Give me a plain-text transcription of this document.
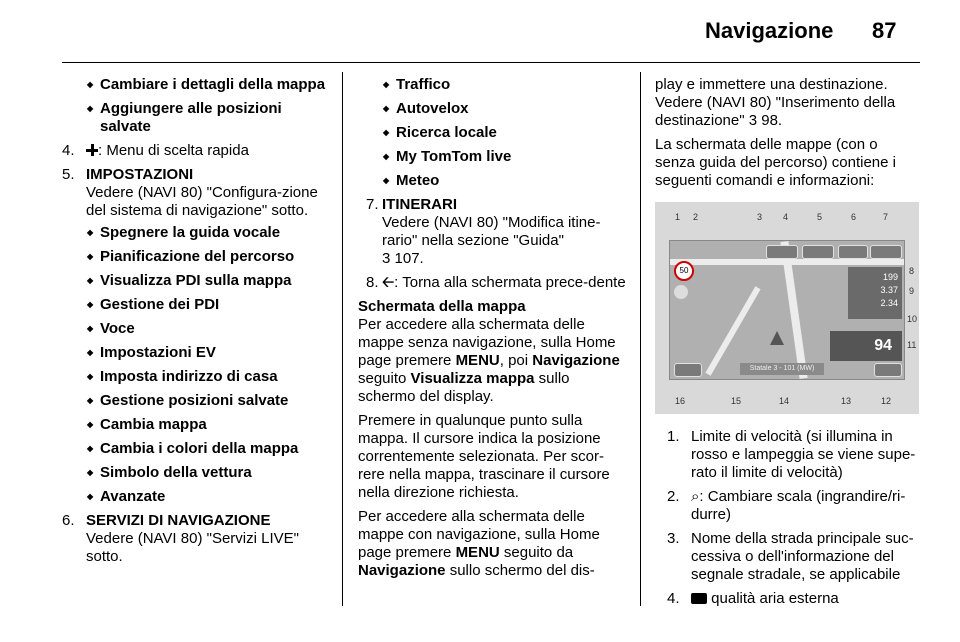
Navigazione 87
◆ Cambiare i dettagli della mappa
◆ Aggiungere alle posizioni salvate
4. : Menu di scelta rapida
5. IMPOSTAZIONI
Vedere (NAVI 80) "Configura-zione del sistema di navigazione" sotto.
◆ Spegnere la guida vocale
◆ Pianificazione del percorso
◆ Visualizza PDI sulla mappa
◆ Gestione dei PDI
◆ Voce
◆ Impostazioni EV
◆ Imposta indirizzo di casa
◆ Gestione posizioni salvate
◆ Cambia mappa
◆ Cambia i colori della mappa
◆ Simbolo della vettura
◆ Avanzate
6. SERVIZI DI NAVIGAZIONE
Vedere (NAVI 80) "Servizi LIVE" sotto.
◆ Traffico
◆ Autovelox
◆ Ricerca locale
◆ My TomTom live
◆ Meteo
7. ITINERARI
Vedere (NAVI 80) "Modifica itine-rario" nella sezione "Guida"
3 107.
8. 🡠: Torna alla schermata prece-dente
Schermata della mappa
Per accedere alla schermata delle mappe senza navigazione, sulla Home page premere MENU, poi Navigazione seguito Visualizza mappa sullo schermo del display.
Premere in qualunque punto sulla mappa. Il cursore indica la posizione correntemente selezionata. Per scor-rere nella mappa, trascinare il cursore nella direzione richiesta.
Per accedere alla schermata delle mappe con navigazione, sulla Home page premere MENU seguito da Navigazione sullo schermo del dis-
play e immettere una destinazione. Vedere (NAVI 80) "Inserimento della destinazione" 3 98.
La schermata delle mappe (con o senza guida del percorso) contiene i seguenti comandi e informazioni:
1 2	3 4	5	6	7
8
9
10
11
16	15	14	13	12
50
199
3.37
2.34
94
Statale 3 - 101 (MW)
1. Limite di velocità (si illumina in rosso e lampeggia se viene supe-rato il limite di velocità)
2. ⌕: Cambiare scala (ingrandire/ri-durre)
3. Nome della strada principale suc-cessiva o dell'informazione del segnale stradale, se applicabile
4. qualità aria esterna
